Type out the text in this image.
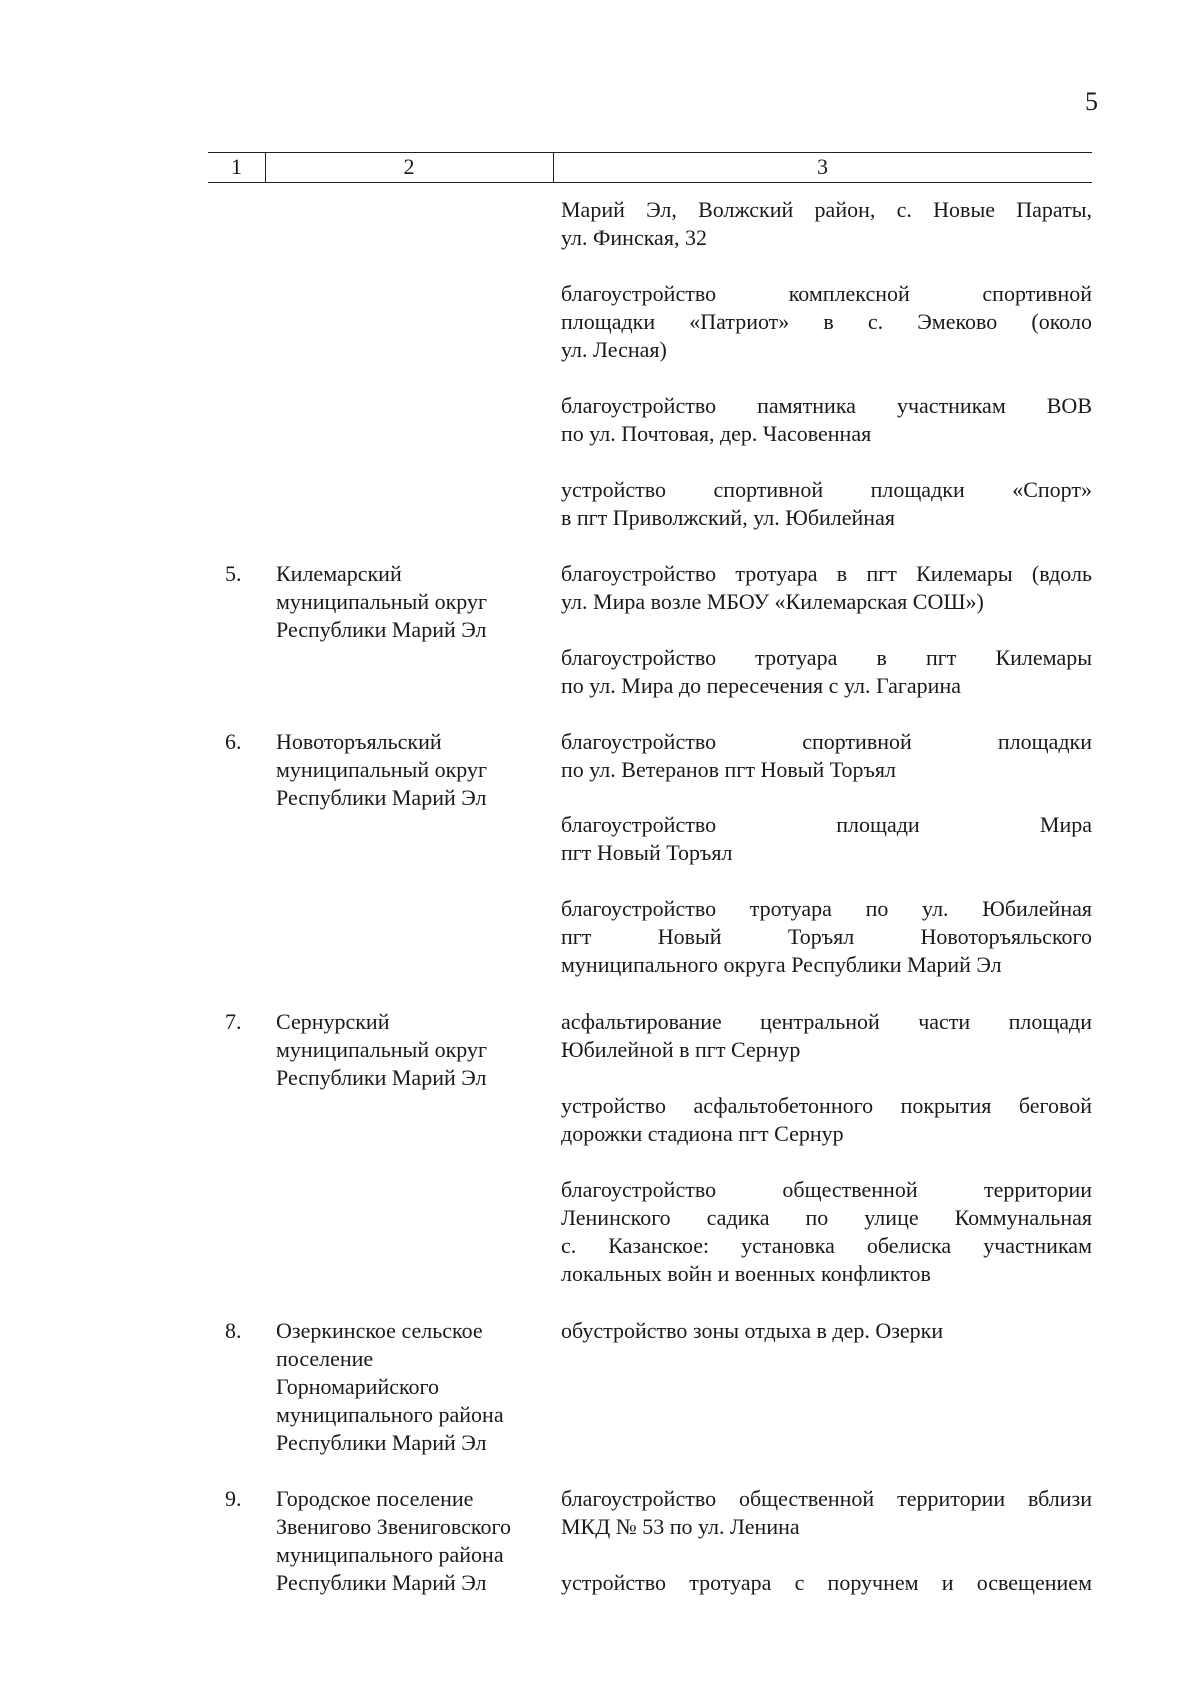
5
1	2	3
Марий Эл, Волжский район, с. Новые Параты,
ул. Финская, 32
благоустройство комплексной спортивной
площадки «Патриот» в с. Эмеково (около
ул. Лесная)
благоустройство памятника участникам ВОВ
по ул. Почтовая, дер. Часовенная
устройство спортивной площадки «Спорт»
в пгт Приволжский, ул. Юбилейная
5. Килемарский
муниципальный округ
Республики Марий Эл
благоустройство тротуара в пгт Килемары (вдоль
ул. Мира возле МБОУ «Килемарская СОШ»)
благоустройство тротуара в пгт Килемары
по ул. Мира до пересечения с ул. Гагарина
6. Новоторъяльский
муниципальный округ
Республики Марий Эл
благоустройство спортивной площадки
по ул. Ветеранов пгт Новый Торъял
благоустройство площади Мира
пгт Новый Торъял
благоустройство тротуара по ул. Юбилейная
пгт Новый Торъял Новоторъяльского
муниципального округа Республики Марий Эл
7. Сернурский
муниципальный округ
Республики Марий Эл
асфальтирование центральной части площади
Юбилейной в пгт Сернур
устройство асфальтобетонного покрытия беговой
дорожки стадиона пгт Сернур
благоустройство общественной территории
Ленинского садика по улице Коммунальная
с. Казанское: установка обелиска участникам
локальных войн и военных конфликтов
8. Озеркинское сельское
поселение
Горномарийского
муниципального района
Республики Марий Эл
обустройство зоны отдыха в дер. Озерки
9. Городское поселение
Звенигово Звениговского
муниципального района
Республики Марий Эл
благоустройство общественной территории вблизи
МКД № 53 по ул. Ленина
устройство тротуара с поручнем и освещением
